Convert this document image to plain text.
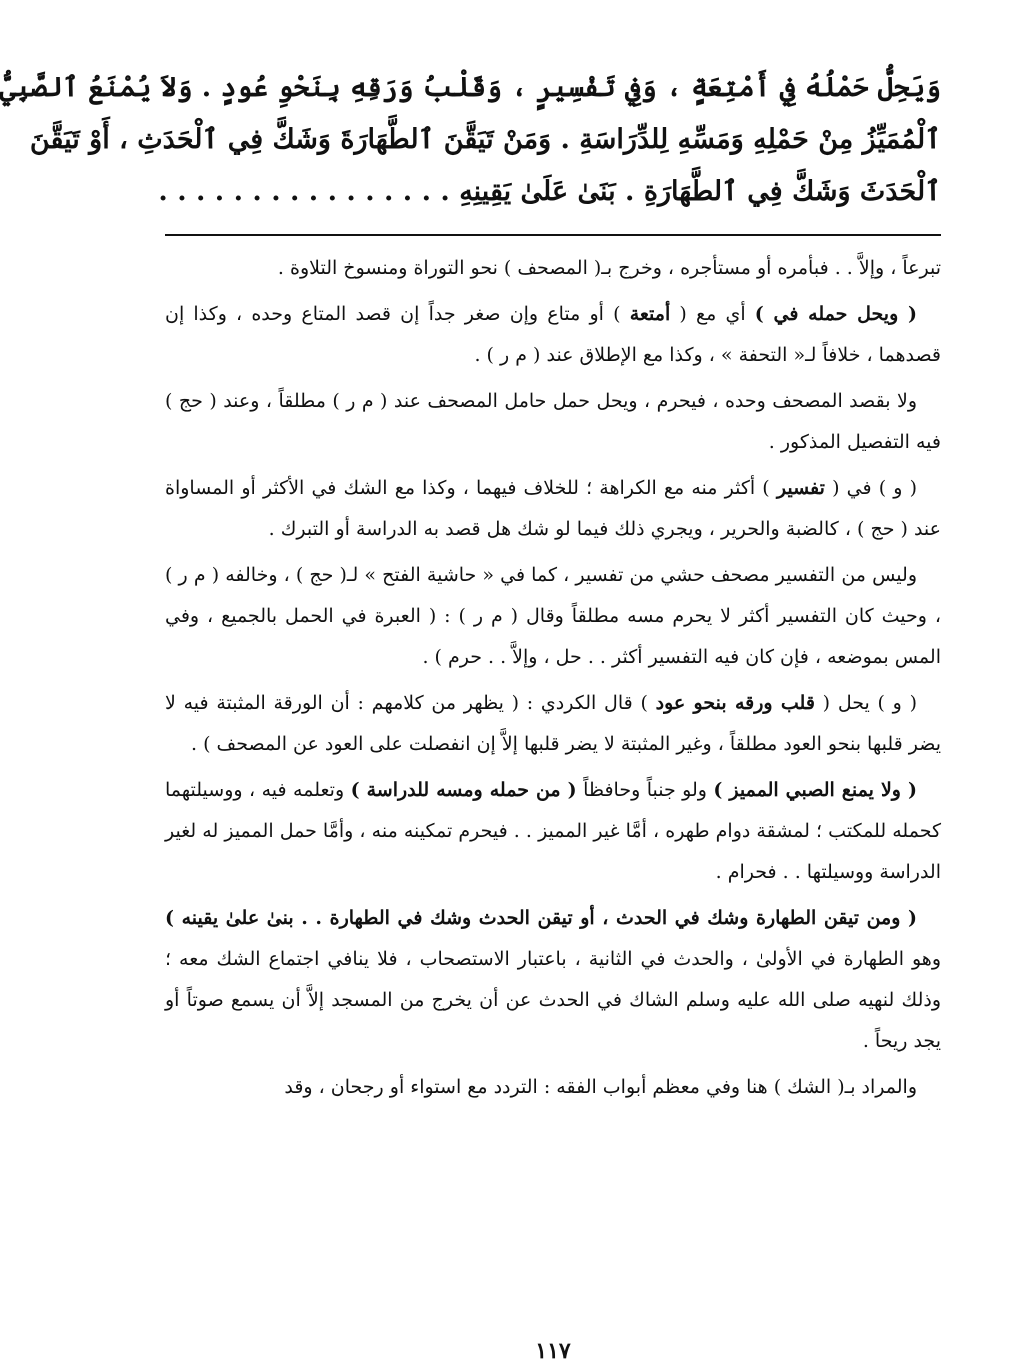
وَيَحِلُّ حَمْلُهُ فِي أَمْتِعَةٍ ، وَفِي تَفْسِيرٍ ، وَقَلْبُ وَرَقِهِ بِنَحْوِ عُودٍ . وَلاَ يُمْنَعُ ٱلصَّبِيُّ
ٱلْمُمَيِّزُ مِنْ حَمْلِهِ وَمَسِّهِ لِلدِّرَاسَةِ . وَمَنْ تَيَقَّنَ ٱلطَّهَارَةَ وَشَكَّ فِي ٱلْحَدَثِ ، أَوْ تَيَقَّنَ
ٱلْحَدَثَ وَشَكَّ فِي ٱلطَّهَارَةِ . بَنَىٰ عَلَىٰ يَقِينِهِ . . . . . . . . . . . . . . . .

تبرعاً ، وإلاَّ . . فبأمره أو مستأجره ، وخرج بـ( المصحف ) نحو التوراة ومنسوخ التلاوة .

( ويحل حمله في ) أي مع ( أمتعة ) أو متاع وإن صغر جداً إن قصد المتاع وحده ، وكذا إن قصدهما ، خلافاً لـ« التحفة » ، وكذا مع الإطلاق عند ( م ر ) .

ولا بقصد المصحف وحده ، فيحرم ، ويحل حمل حامل المصحف عند ( م ر ) مطلقاً ، وعند ( حج ) فيه التفصيل المذكور .

( و ) في ( تفسير ) أكثر منه مع الكراهة ؛ للخلاف فيهما ، وكذا مع الشك في الأكثر أو المساواة عند ( حج ) ، كالضبة والحرير ، ويجري ذلك فيما لو شك هل قصد به الدراسة أو التبرك .

وليس من التفسير مصحف حشي من تفسير ، كما في « حاشية الفتح » لـ( حج ) ، وخالفه ( م ر ) ، وحيث كان التفسير أكثر لا يحرم مسه مطلقاً وقال ( م ر ) : ( العبرة في الحمل بالجميع ، وفي المس بموضعه ، فإن كان فيه التفسير أكثر . . حل ، وإلاَّ . . حرم ) .

( و ) يحل ( قلب ورقه بنحو عود ) قال الكردي : ( يظهر من كلامهم : أن الورقة المثبتة فيه لا يضر قلبها بنحو العود مطلقاً ، وغير المثبتة لا يضر قلبها إلاَّ إن انفصلت على العود عن المصحف ) .

( ولا يمنع الصبي المميز ) ولو جنباً وحافظاً ( من حمله ومسه للدراسة ) وتعلمه فيه ، ووسيلتهما كحمله للمكتب ؛ لمشقة دوام طهره ، أمَّا غير المميز . . فيحرم تمكينه منه ، وأمَّا حمل المميز له لغير الدراسة ووسيلتها . . فحرام .

( ومن تيقن الطهارة وشك في الحدث ، أو تيقن الحدث وشك في الطهارة . . بنىٰ علىٰ يقينه ) وهو الطهارة في الأولىٰ ، والحدث في الثانية ، باعتبار الاستصحاب ، فلا ينافي اجتماع الشك معه ؛ وذلك لنهيه صلى الله عليه وسلم الشاك في الحدث عن أن يخرج من المسجد إلاَّ أن يسمع صوتاً أو يجد ريحاً .

والمراد بـ( الشك ) هنا وفي معظم أبواب الفقه : التردد مع استواء أو رجحان ، وقد

١١٧
